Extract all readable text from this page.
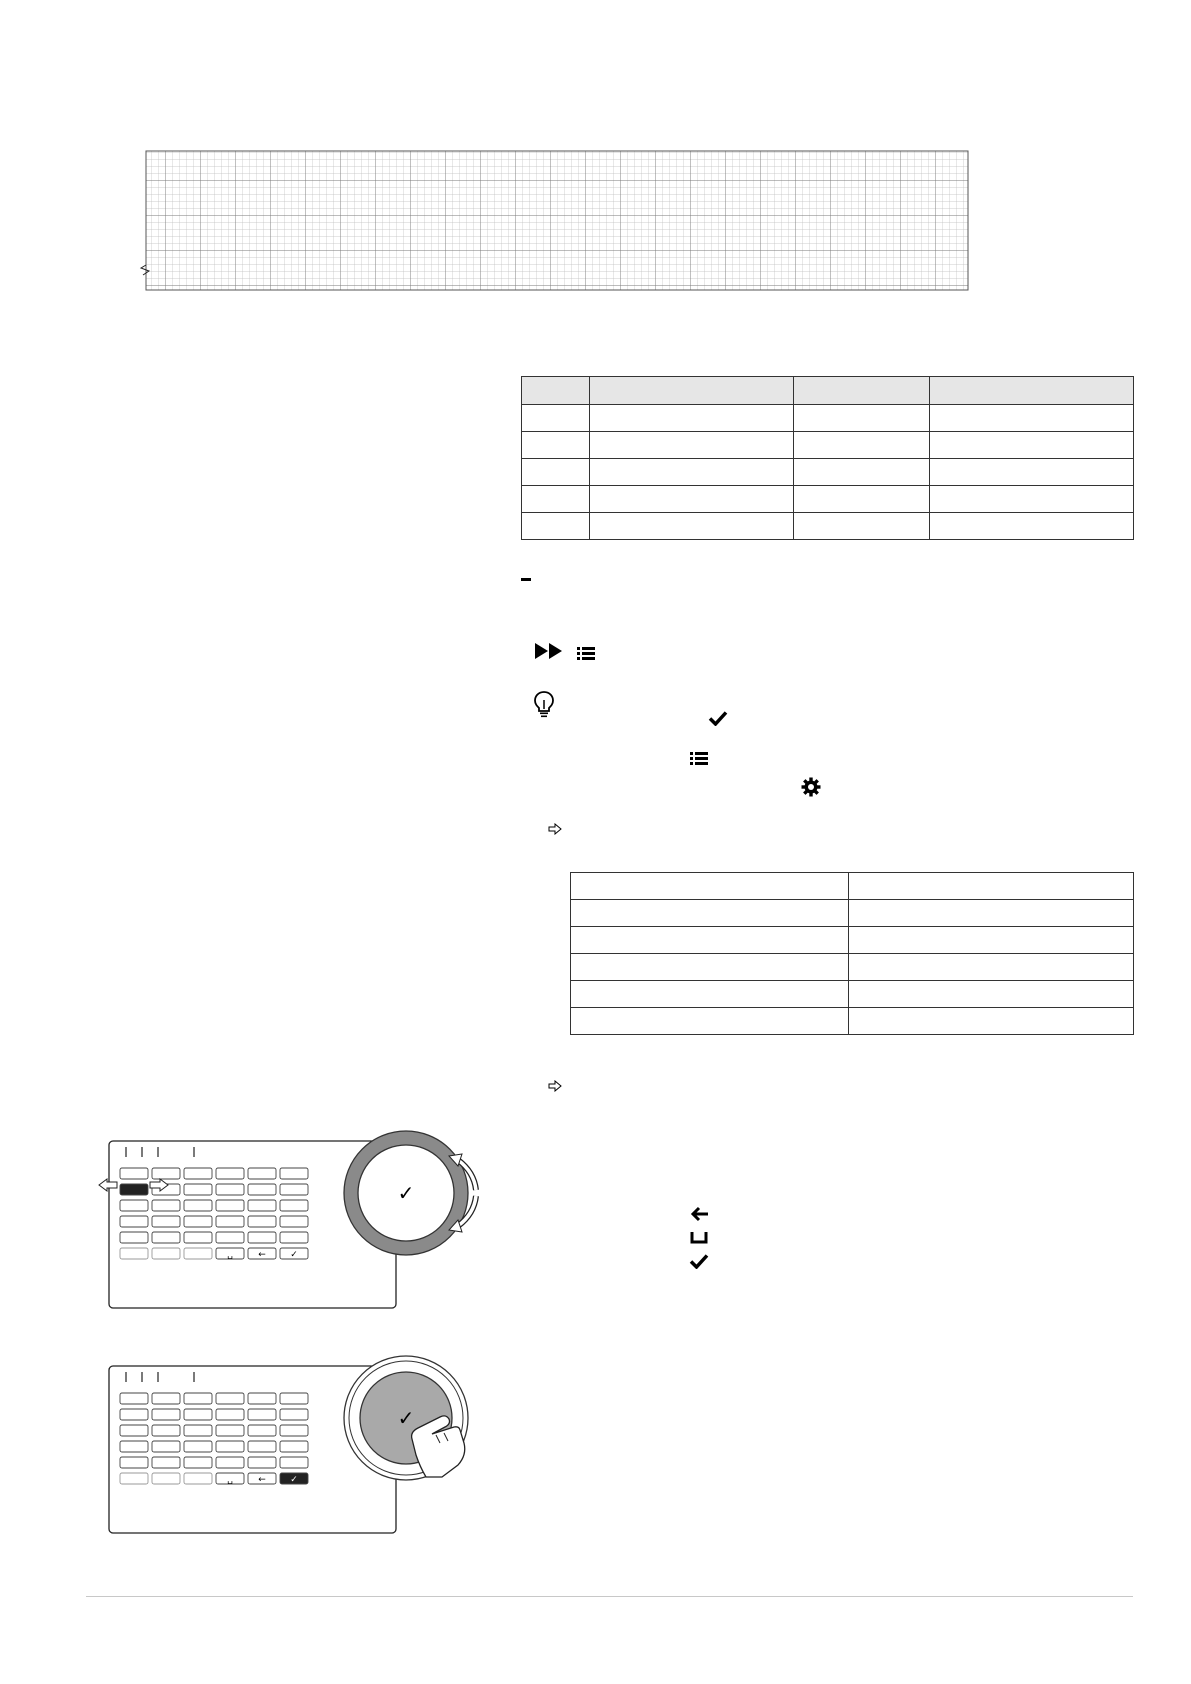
␣	←	✓
✓
␣	←	✓
✓
